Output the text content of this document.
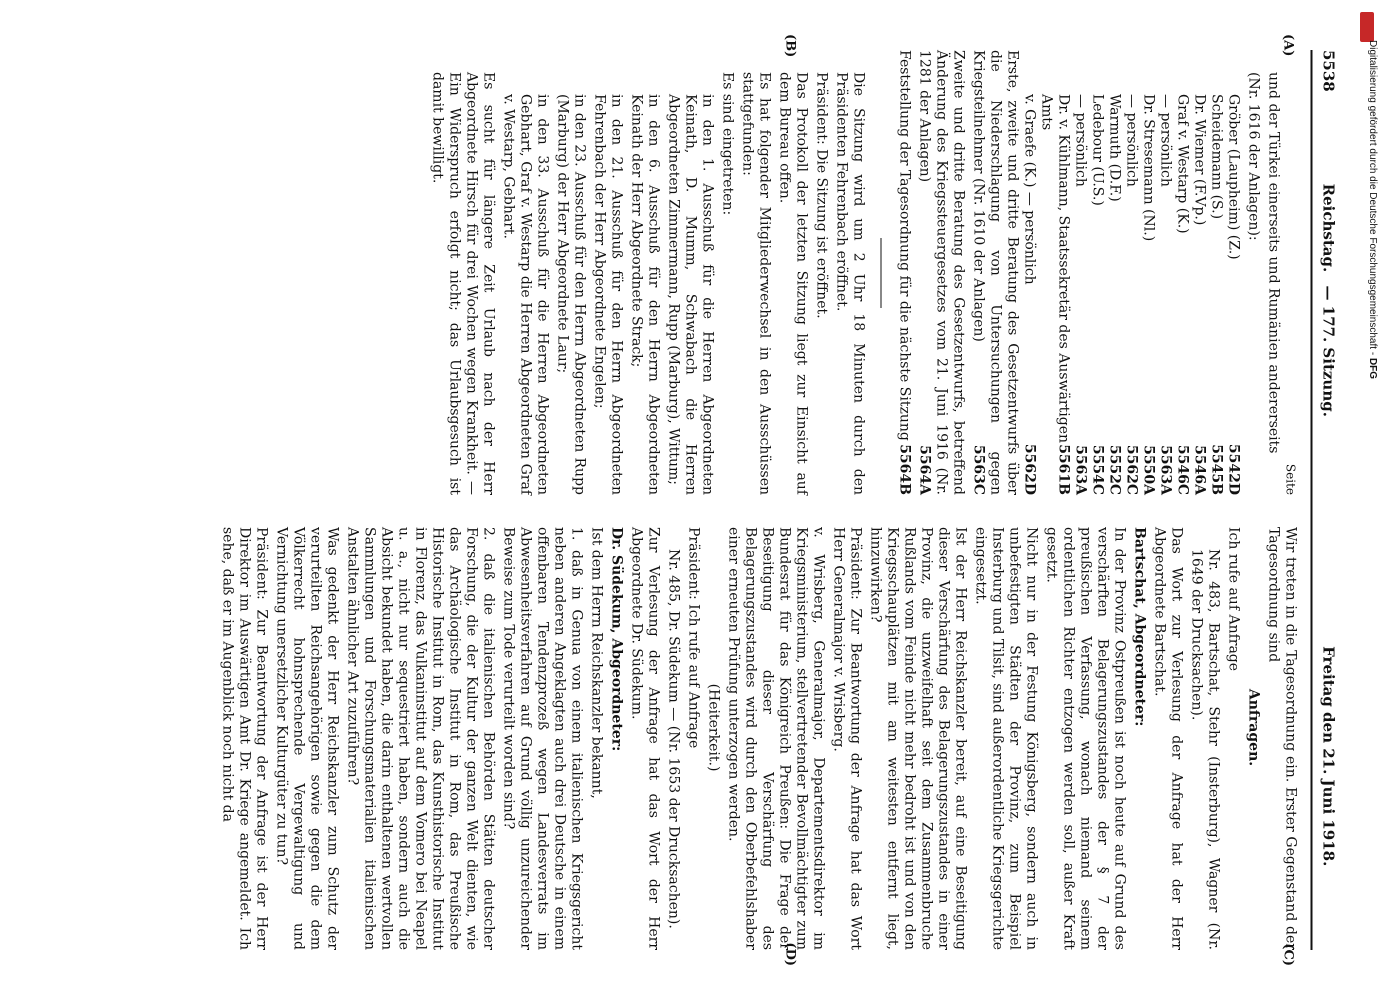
5538
Reichstag. — 177. Sitzung. Freitag den 21. Juni 1918.
(A)
(B)
Seite

und der Türkei einerseits und Rumänien andererseits

(Nr. 1616 der Anlagen):

Gröber (Laupheim) (Z.)
5542D
Scheidemann (S.)
5545B
Dr. Wiemer (F.Vp.)
5546A
Graf v. Westarp (K.)
5546C
— persönlich
5563A
Dr. Stresemann (Nl.)
5550A
— persönlich
5562C
Warmuth (D.F.)
5552C
Ledebour (U.S.)
5554C
— persönlich
5563A
Dr. v. Kühlmann, Staatssekretär des Auswärtigen Amts
5561B
v. Graefe (K.) — persönlich
5562D

Erste, zweite und dritte Beratung des Gesetzentwurfs über die Niederschlagung von Untersuchungen gegen Kriegsteilnehmer (Nr. 1610 der Anlagen)
5563C

Zweite und dritte Beratung des Gesetzentwurfs, betreffend Änderung des Kriegssteuergesetzes vom 21. Juni 1916 (Nr. 1281 der Anlagen)
5564A

Feststellung der Tagesordnung für die nächste Sitzung
5564B

Die Sitzung wird um 2 Uhr 18 Minuten durch den Präsidenten Fehrenbach eröffnet.

Präsident: Die Sitzung ist eröffnet.

Das Protokoll der letzten Sitzung liegt zur Einsicht auf dem Bureau offen.

Es hat folgender Mitgliederwechsel in den Ausschüssen stattgefunden:

Es sind eingetreten:

in den 1. Ausschuß für die Herren Abgeordneten Keinath, D. Mumm, Schwabach die Herren Abgeordneten Zimmermann, Rupp (Marburg), Wittum;

in den 6. Ausschuß für den Herrn Abgeordneten Keinath der Herr Abgeordnete Strack;

in den 21. Ausschuß für den Herrn Abgeordneten Fehrenbach der Herr Abgeordnete Engelen;

in den 23. Ausschuß für den Herrn Abgeordneten Rupp (Marburg) der Herr Abgeordnete Laur;

in den 33. Ausschuß für die Herren Abgeordneten Gebhart, Graf v. Westarp die Herren Abgeordneten Graf v. Westarp, Gebhart.

Es sucht für längere Zeit Urlaub nach der Herr Abgeordnete Hirsch für drei Wochen wegen Krankheit. — Ein Widerspruch erfolgt nicht; das Urlaubsgesuch ist damit bewilligt.

(C)
(D)

Wir treten in die Tagesordnung ein. Erster Gegenstand der Tagesordnung sind

Anfragen.

Ich rufe auf Anfrage

Nr. 483, Bartschat, Stehr (Insterburg), Wagner (Nr. 1649 der Drucksachen).

Das Wort zur Verlesung der Anfrage hat der Herr Abgeordnete Bartschat.

Bartschat, Abgeordneter:

In der Provinz Ostpreußen ist noch heute auf Grund des verschärften Belagerungszustandes der § 7 der preußischen Verfassung, wonach niemand seinem ordentlichen Richter entzogen werden soll, außer Kraft gesetzt.

Nicht nur in der Festung Königsberg, sondern auch in unbefestigten Städten der Provinz, zum Beispiel Insterburg und Tilsit, sind außerordentliche Kriegsgerichte eingesetzt.

Ist der Herr Reichskanzler bereit, auf eine Beseitigung dieser Verschärfung des Belagerungszustandes in einer Provinz, die unzweifelhaft seit dem Zusammenbruche Rußlands vom Feinde nicht mehr bedroht ist und von den Kriegsschauplätzen mit am weitesten entfernt liegt, hinzuwirken?

Präsident: Zur Beantwortung der Anfrage hat das Wort Herr Generalmajor v. Wrisberg.

v. Wrisberg, Generalmajor, Departementsdirektor im Kriegsministerium, stellvertretender Bevollmächtigter zum Bundesrat für das Königreich Preußen: Die Frage der Beseitigung dieser Verschärfung des Belagerungszustandes wird durch den Oberbefehlshaber einer erneuten Prüfung unterzogen werden.

(Heiterkeit.)

Präsident: Ich rufe auf Anfrage

Nr. 485, Dr. Südekum — (Nr. 1653 der Drucksachen).

Zur Verlesung der Anfrage hat das Wort der Herr Abgeordnete Dr. Südekum.

Dr. Südekum, Abgeordneter:

Ist dem Herrn Reichskanzler bekannt,

1. daß in Genua von einem italienischen Kriegsgericht neben anderen Angeklagten auch drei Deutsche in einem offenbaren Tendenzprozeß wegen Landesverrats im Abwesenheitsverfahren auf Grund völlig unzureichender Beweise zum Tode verurteilt worden sind?

2. daß die italienischen Behörden Stätten deutscher Forschung, die der Kultur der ganzen Welt dienten, wie das Archäologische Institut in Rom, das Preußische Historische Institut in Rom, das Kunsthistorische Institut in Florenz, das Vulkaninstitut auf dem Vomero bei Neapel u. a., nicht nur sequestriert haben, sondern auch die Absicht bekundet haben, die darin enthaltenen wertvollen Sammlungen und Forschungsmaterialien italienischen Anstalten ähnlicher Art zuzuführen?

Was gedenkt der Herr Reichskanzler zum Schutz der verurteilten Reichsangehörigen sowie gegen die dem Völkerrecht hohnsprechende Vergewaltigung und Vernichtung unersetzlicher Kulturgüter zu tun?

Präsident: Zur Beantwortung der Anfrage ist der Herr Direktor im Auswärtigen Amt Dr. Kriege angemeldet. Ich sehe, daß er im Augenblick noch nicht da

Digitalisierung gefördert durch die Deutsche Forschungsgemeinschaft - DFG
